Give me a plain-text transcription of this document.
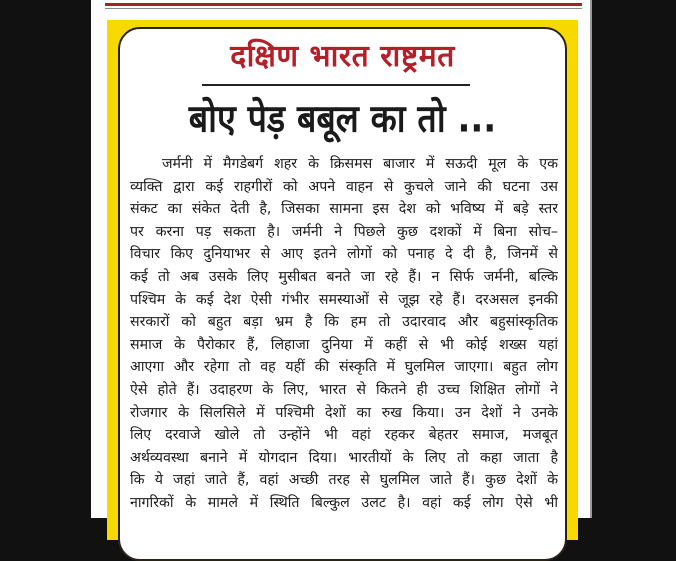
दक्षिण भारत राष्ट्रमत
बोए पेड़ बबूल का तो ...
जर्मनी में मैगडेबर्ग शहर के क्रिसमस बाजार में सऊदी मूल के एक
व्यक्ति द्वारा कई राहगीरों को अपने वाहन से कुचले जाने की घटना उस
संकट का संकेत देती है, जिसका सामना इस देश को भविष्य में बड़े स्तर
पर करना पड़ सकता है। जर्मनी ने पिछले कुछ दशकों में बिना सोच–
विचार किए दुनियाभर से आए इतने लोगों को पनाह दे दी है, जिनमें से
कई तो अब उसके लिए मुसीबत बनते जा रहे हैं। न सिर्फ जर्मनी, बल्कि
पश्चिम के कई देश ऐसी गंभीर समस्याओं से जूझ रहे हैं। दरअसल इनकी
सरकारों को बहुत बड़ा भ्रम है कि हम तो उदारवाद और बहुसांस्कृतिक
समाज के पैरोकार हैं, लिहाजा दुनिया में कहीं से भी कोई शख्स यहां
आएगा और रहेगा तो वह यहीं की संस्कृति में घुलमिल जाएगा। बहुत लोग
ऐसे होते हैं। उदाहरण के लिए, भारत से कितने ही उच्च शिक्षित लोगों ने
रोजगार के सिलसिले में पश्चिमी देशों का रुख किया। उन देशों ने उनके
लिए दरवाजे खोले तो उन्होंने भी वहां रहकर बेहतर समाज, मजबूत
अर्थव्यवस्था बनाने में योगदान दिया। भारतीयों के लिए तो कहा जाता है
कि ये जहां जाते हैं, वहां अच्छी तरह से घुलमिल जाते हैं। कुछ देशों के
नागरिकों के मामले में स्थिति बिल्कुल उलट है। वहां कई लोग ऐसे भी
